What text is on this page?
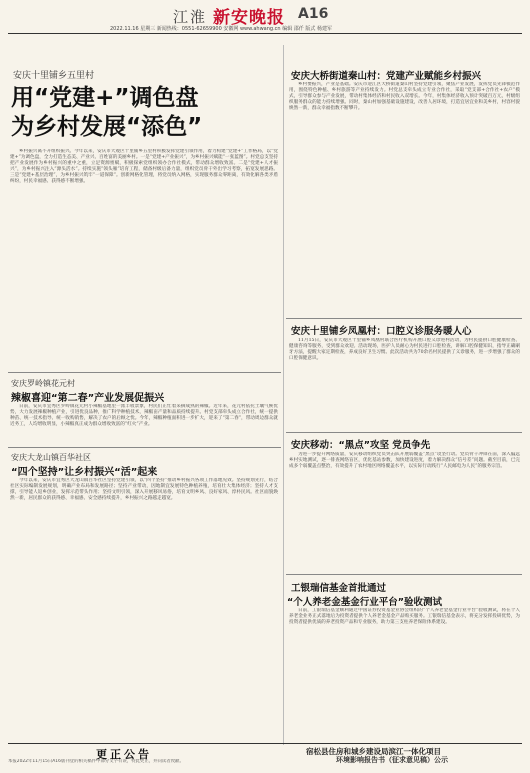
江淮 新安晚报 A16
2022.11.16 星期三 新闻热线：0551-62659900 安徽网 www.ahwang.cn 编辑 邵仟 版式 杨建军
安庆十里铺乡五里村
用“党建+”调色盘
为乡村发展“添色”
乡村振兴离不开组织振兴。今年以来，安庆市大观区十里铺乡五里村积极发挥党建引领作用，着力构建“党建+”工作格局，以“党建+”为调色盘，全力打造生态美、产业兴、百姓富的美丽乡村。一是“党建+产业振兴”，为乡村振兴赋能“一张蓝图”。村党总支坚持把产业发展作为乡村振兴的重中之重，立足资源禀赋，积极探索党组织领办合作社模式，带动群众增收致富。二是“党建+人才振兴”，为乡村振兴注入“源头活水”。持续实施“领头雁”培育工程，储备村级后备力量，组织党员骨干外出学习考察，拓宽发展思路。三是“党建+基层治理”，为乡村振兴筑牢“一道保障”。创新网格化管理，将党员纳入网格，实现服务群众零距离，有效化解各类矛盾纠纷，村民幸福感、获得感不断增强。
安庆罗岭镇花元村
辣椒喜迎“第二春”产业发展促振兴
日前，安庆市宜秀区罗岭镇花元村小辣椒基地里一派丰收景象，村民们正忙着采摘成熟的辣椒。近年来，花元村依托土壤气候优势，大力发展辣椒种植产业，引进优良品种，推广科学种植技术，辣椒亩产量和品质持续提升。村党支部牵头成立合作社，统一提供种苗、统一技术指导、统一收购销售，解决了农户的后顾之忧。今年，辣椒种植面积进一步扩大，迎来了“第二春”，带动周边群众就近务工，人均增收明显，小辣椒真正成为群众增收致富的“红火”产业。
安庆大龙山镇百华社区
“四个坚持”让乡村振兴“活”起来
今年以来，安庆市宜秀区大龙山镇百华社区坚持党建引领，以“四个坚持”推动乡村振兴各项工作落地见效。坚持规划先行，结合社区实际编制发展规划，明确产业布局和发展路径；坚持产业带动，因地制宜发展特色种植养殖，培育壮大集体经济；坚持人才支撑，引导能人返乡创业，发挥示范带头作用；坚持文明引领，深入开展移风易俗，培育文明乡风、良好家风、淳朴民风。社区面貌焕然一新，居民群众的获得感、幸福感、安全感持续提升，乡村振兴之路越走越宽。
安庆大桥街道秦山村：党建产业赋能乡村振兴
乡村要振兴，产业是基础。安庆市迎江区大桥街道秦山村坚持党建引领，聚焦产业发展，发挥党员先锋模范作用，围绕特色种植、乡村旅游等产业持续发力。村党总支牵头成立专业合作社，采取“党支部+合作社+农户”模式，引导群众参与产业发展，带动村集体经济和村民收入双增长。今年，村集体经济收入预计突破百万元，村级组织服务群众的能力持续增强。同时，秦山村加强基础设施建设，改善人居环境，打造宜居宜业和美乡村，村容村貌焕然一新，群众幸福指数不断攀升。
安庆十里铺乡凤凰村：口腔义诊服务暖人心
11月15日，安庆市大观区十里铺乡凤凰村联合医疗机构开展口腔义诊进村活动，为村民提供口腔健康检查、健康咨询等服务，受到群众欢迎。活动现场，医护人员耐心为村民进行口腔检查，讲解口腔保健知识，指导正确刷牙方法，提醒大家定期检查，养成良好卫生习惯。此次活动共为70余名村民提供了义诊服务，进一步增强了群众的口腔保健意识。
安庆移动：“黑点”攻坚 党员争先
为进一步提升网络质量，安庆移动组织党员突击队开展弱覆盖“黑点”攻坚行动。党员骨干冲锋在前，深入偏远乡村实地测试，逐一排查网络盲区，优化基站参数，加快建设进度，着力解决群众“信号差”问题。截至目前，已完成多个弱覆盖点整治，有效提升了农村地区网络覆盖水平，以实际行动践行“人民邮电为人民”的服务宗旨。
工银瑞信基金首批通过
“个人养老金基金行业平台”验收测试
日前，工银瑞信基金顺利通过中国证券投资基金业协会组织的“个人养老金基金行业平台”验收测试，将在个人养老金业务正式落地后为投资者提供个人养老金基金产品购买服务。工银瑞信基金表示，将充分发挥投研优势，为投资者提供优质的养老投资产品和专业服务，助力第三支柱养老保险体系建设。
更正公告
本报2022年11月15日A16版刊登的相关稿件中部分文字有误，特此更正，并向读者致歉。
宿松县住房和城乡建设局滨江一体化项目
环境影响报告书（征求意见稿）公示
